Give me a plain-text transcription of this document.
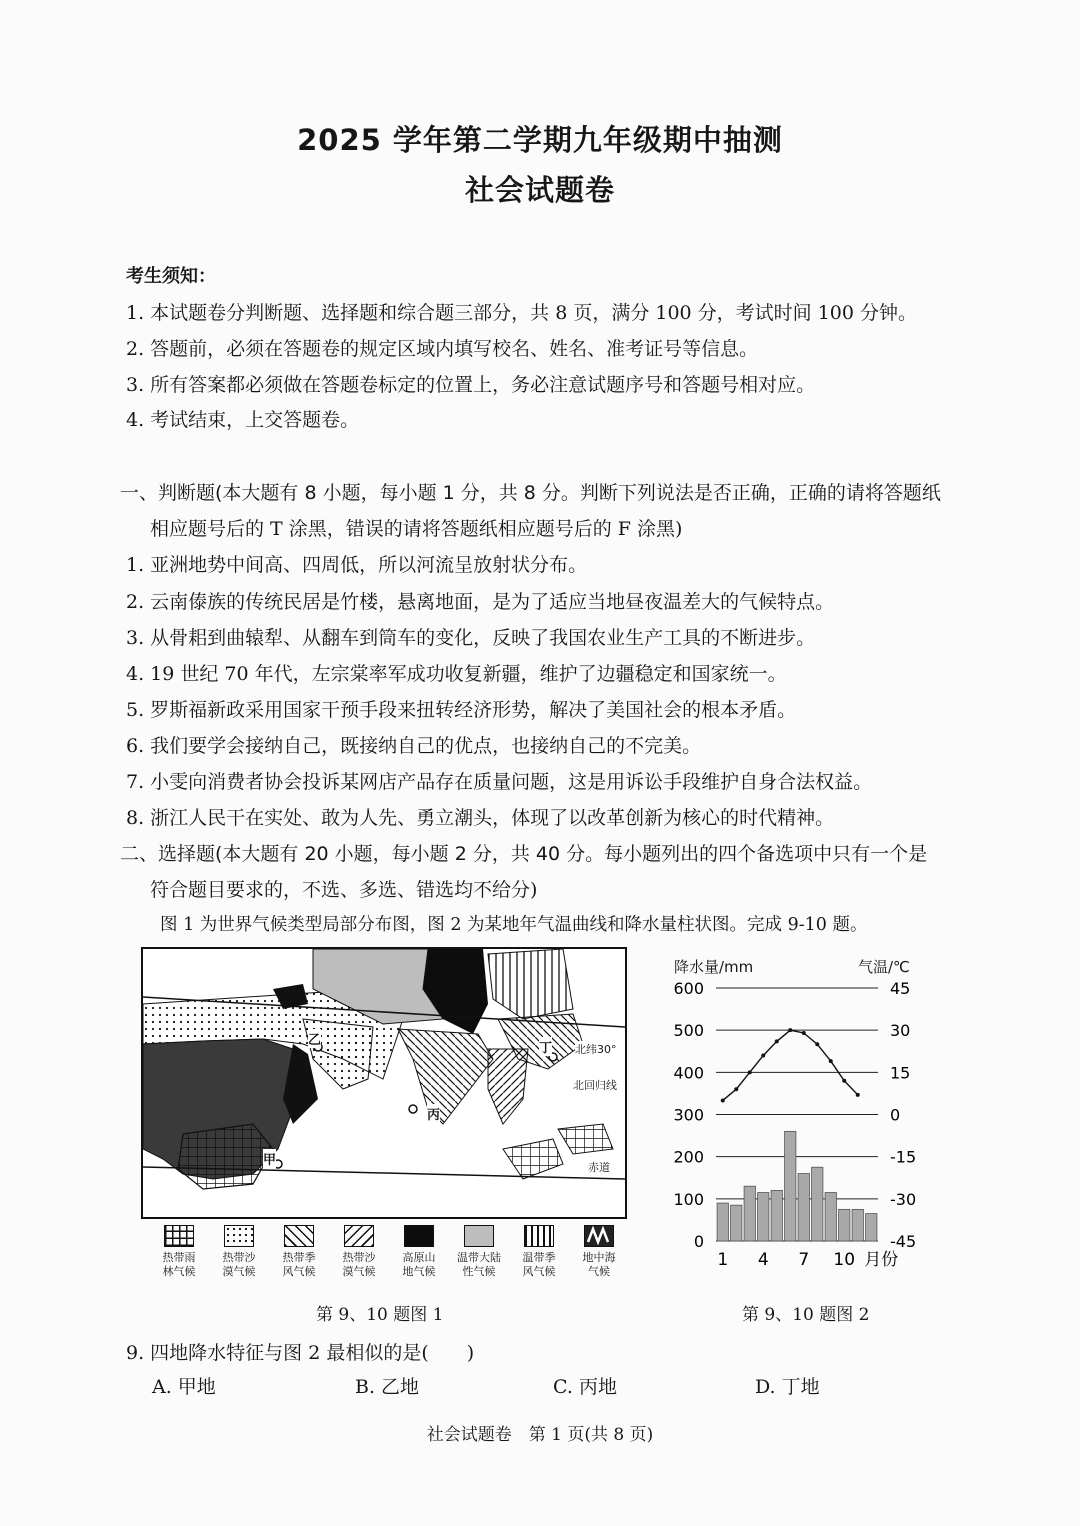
2025 学年第二学期九年级期中抽测
社会试题卷
考生须知：
1. 本试题卷分判断题、选择题和综合题三部分，共 8 页，满分 100 分，考试时间 100 分钟。
2. 答题前，必须在答题卷的规定区域内填写校名、姓名、准考证号等信息。
3. 所有答案都必须做在答题卷标定的位置上，务必注意试题序号和答题号相对应。
4. 考试结束，上交答题卷。
一、判断题(本大题有 8 小题，每小题 1 分，共 8 分。判断下列说法是否正确，正确的请将答题纸
相应题号后的 T 涂黑，错误的请将答题纸相应题号后的 F 涂黑)
1. 亚洲地势中间高、四周低，所以河流呈放射状分布。
2. 云南傣族的传统民居是竹楼，悬离地面，是为了适应当地昼夜温差大的气候特点。
3. 从骨耜到曲辕犁、从翻车到筒车的变化，反映了我国农业生产工具的不断进步。
4. 19 世纪 70 年代，左宗棠率军成功收复新疆，维护了边疆稳定和国家统一。
5. 罗斯福新政采用国家干预手段来扭转经济形势，解决了美国社会的根本矛盾。
6. 我们要学会接纳自己，既接纳自己的优点，也接纳自己的不完美。
7. 小雯向消费者协会投诉某网店产品存在质量问题，这是用诉讼手段维护自身合法权益。
8. 浙江人民干在实处、敢为人先、勇立潮头，体现了以改革创新为核心的时代精神。
二、选择题(本大题有 20 小题，每小题 2 分，共 40 分。每小题列出的四个备选项中只有一个是
符合题目要求的，不选、多选、错选均不给分)
图 1 为世界气候类型局部分布图，图 2 为某地年气温曲线和降水量柱状图。完成 9-10 题。
甲
乙
丙
丁 北纬30°
北回归线
赤道
热带雨
林气候
热带沙
漠气候
热带季
风气候
热带沙
漠气候
高原山
地气候
温带大陆
性气候
温带季
风气候
地中海
气候
第 9、10 题图 1
降水量/mm	气温/℃
0
100
200
300
400
500
600
-45
-30
-15
0
15
30
45
1 4 7 10 月份
第 9、10 题图 2
9. 四地降水特征与图 2 最相似的是(　　)
A. 甲地	B. 乙地	C. 丙地	D. 丁地
社会试题卷　第 1 页(共 8 页)
